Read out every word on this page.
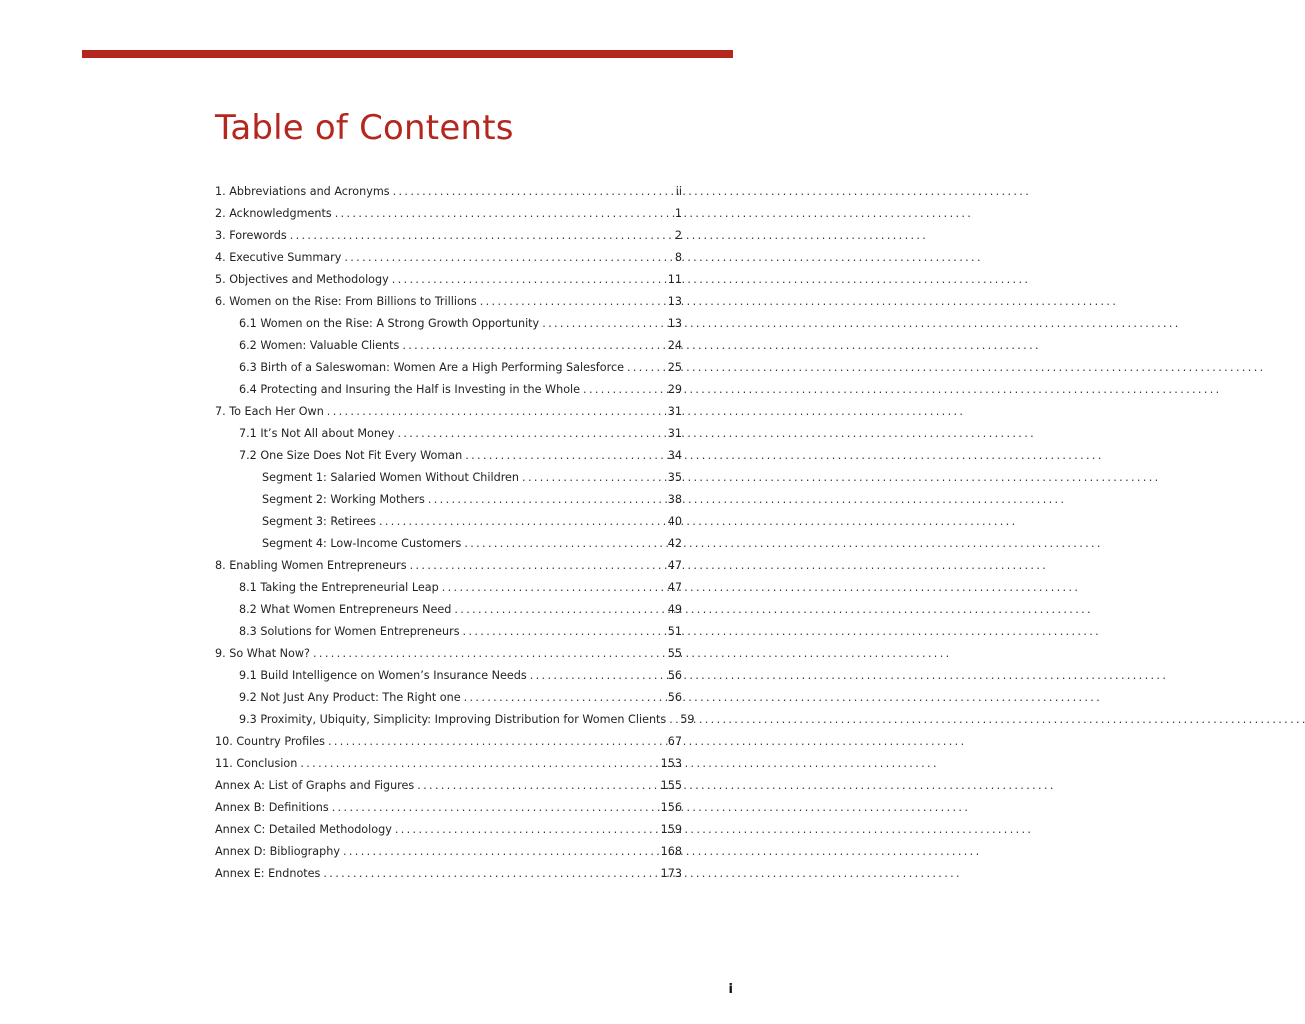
Table of Contents
1. Abbreviations and Acronyms . . .	ii
2. Acknowledgments . . .	1
3. Forewords . . .	2
4. Executive Summary . . .	8
5. Objectives and Methodology . . .	11
6. Women on the Rise: From Billions to Trillions . . .	13
6.1 Women on the Rise: A Strong Growth Opportunity . . .	13
6.2 Women: Valuable Clients . . .	24
6.3 Birth of a Saleswoman: Women Are a High Performing Salesforce . . .	25
6.4 Protecting and Insuring the Half is Investing in the Whole . . .	29
7. To Each Her Own . . .	31
7.1 It’s Not All about Money . . .	31
7.2 One Size Does Not Fit Every Woman . . .	34
Segment 1: Salaried Women Without Children . . .	35
Segment 2: Working Mothers . . .	38
Segment 3: Retirees . . .	40
Segment 4: Low-Income Customers . . .	42
8. Enabling Women Entrepreneurs . . .	47
8.1 Taking the Entrepreneurial Leap . . .	47
8.2 What Women Entrepreneurs Need . . .	49
8.3 Solutions for Women Entrepreneurs . . .	51
9. So What Now? . . .	55
9.1 Build Intelligence on Women’s Insurance Needs . . .	56
9.2 Not Just Any Product: The Right one . . .	56
9.3 Proximity, Ubiquity, Simplicity: Improving Distribution for Women Clients . . . 59
10. Country Profiles . . .	67
11. Conclusion . . .	153
Annex A: List of Graphs and Figures . . .	155
Annex B: Definitions . . .	156
Annex C: Detailed Methodology . . .	159
Annex D: Bibliography . . .	168
Annex E: Endnotes . . .	173
i
